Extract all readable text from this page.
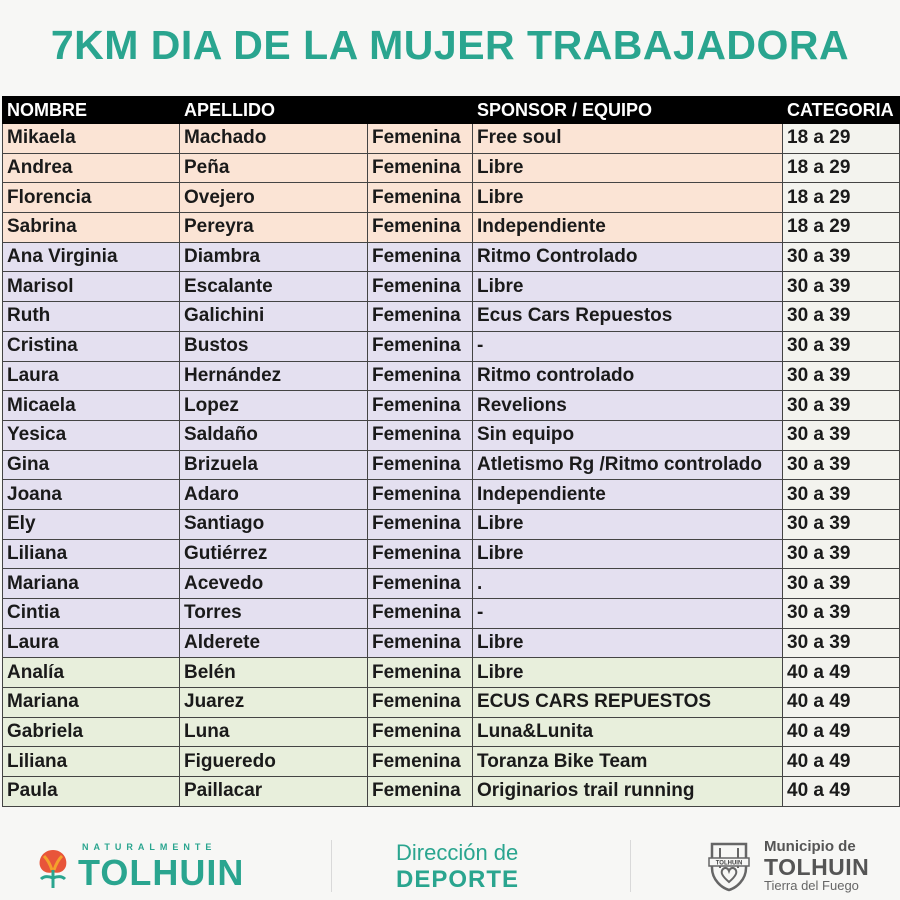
7KM DIA DE LA MUJER TRABAJADORA
NOMBRE	APELLIDO		SPONSOR / EQUIPO	CATEGORIA
Mikaela	Machado	Femenina	Free soul	18 a 29
Andrea	Peña	Femenina	Libre	18 a 29
Florencia	Ovejero	Femenina	Libre	18 a 29
Sabrina	Pereyra	Femenina	Independiente	18 a 29
Ana Virginia	Diambra	Femenina	Ritmo Controlado	30 a 39
Marisol	Escalante	Femenina	Libre	30 a 39
Ruth	Galichini	Femenina	Ecus Cars Repuestos	30 a 39
Cristina	Bustos	Femenina	-	30 a 39
Laura	Hernández	Femenina	Ritmo controlado	30 a 39
Micaela	Lopez	Femenina	Revelions	30 a 39
Yesica	Saldaño	Femenina	Sin equipo	30 a 39
Gina	Brizuela	Femenina	Atletismo Rg /Ritmo controlado	30 a 39
Joana	Adaro	Femenina	Independiente	30 a 39
Ely	Santiago	Femenina	Libre	30 a 39
Liliana	Gutiérrez	Femenina	Libre	30 a 39
Mariana	Acevedo	Femenina	.	30 a 39
Cintia	Torres	Femenina	-	30 a 39
Laura	Alderete	Femenina	Libre	30 a 39
Analía	Belén	Femenina	Libre	40 a 49
Mariana	Juarez	Femenina	ECUS CARS REPUESTOS	40 a 49
Gabriela	Luna	Femenina	Luna&Lunita	40 a 49
Liliana	Figueredo	Femenina	Toranza Bike Team	40 a 49
Paula	Paillacar	Femenina	Originarios trail running	40 a 49
NATURALMENTE
TOLHUIN	Dirección de
DEPORTE
TOLHUIN
Municipio de
TOLHUIN
Tierra del Fuego
